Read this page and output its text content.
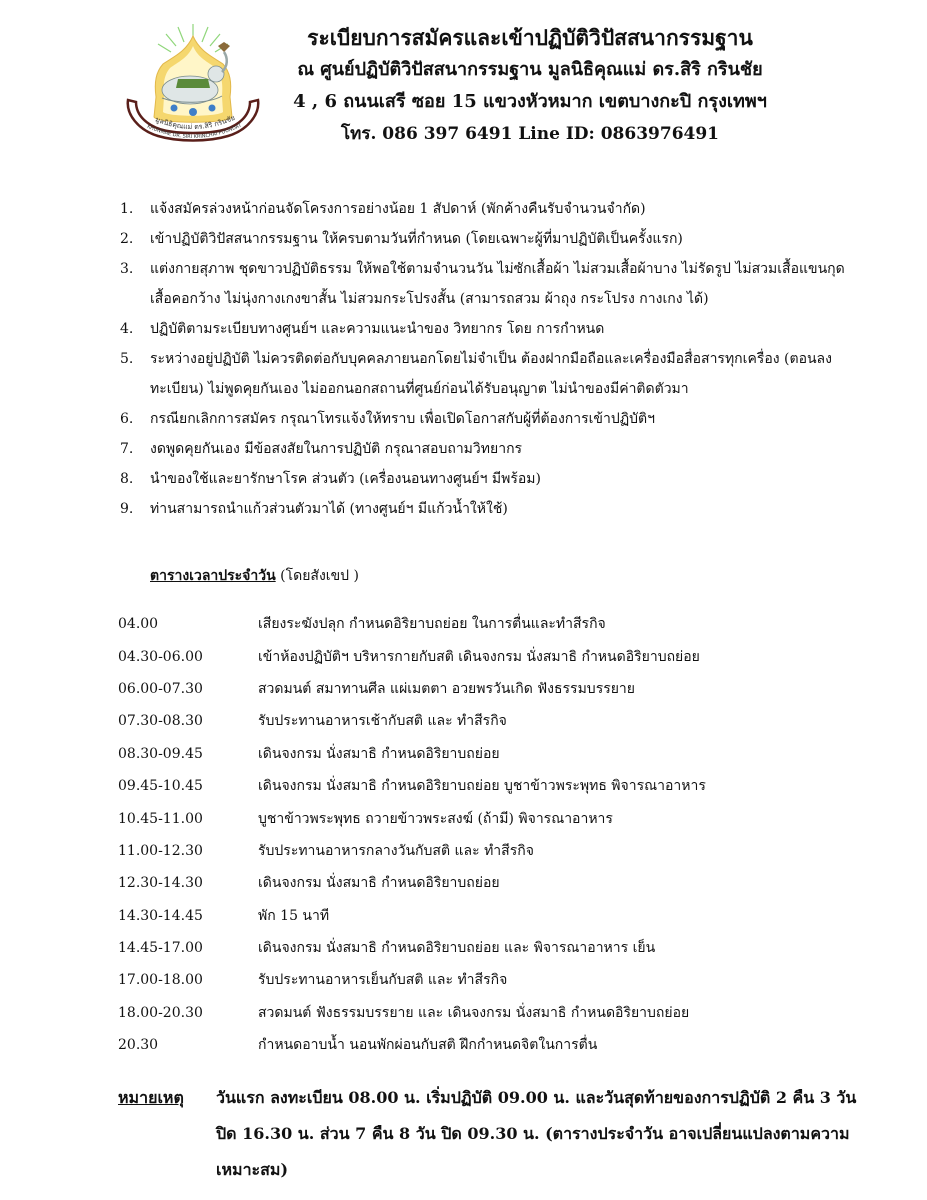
มูลนิธิคุณแม่ ดร.สิริ กรินชัย
KHUNMAE DR. SIRI KRINCHAI FOUNDAT
ระเบียบการสมัครและเข้าปฏิบัติวิปัสสนากรรมฐาน
ณ ศูนย์ปฏิบัติวิปัสสนากรรมฐาน มูลนิธิคุณแม่ ดร.สิริ กรินชัย
4 , 6 ถนนเสรี ซอย 15 แขวงหัวหมาก เขตบางกะปิ กรุงเทพฯ
โทร. 086 397 6491 Line ID: 0863976491
1.	แจ้งสมัครล่วงหน้าก่อนจัดโครงการอย่างน้อย 1 สัปดาห์ (พักค้างคืนรับจำนวนจำกัด)
2.	เข้าปฏิบัติวิปัสสนากรรมฐาน ให้ครบตามวันที่กำหนด (โดยเฉพาะผู้ที่มาปฏิบัติเป็นครั้งแรก)
3.	แต่งกายสุภาพ ชุดขาวปฏิบัติธรรม ให้พอใช้ตามจำนวนวัน ไม่ซักเสื้อผ้า ไม่สวมเสื้อผ้าบาง ไม่รัดรูป ไม่สวมเสื้อแขนกุด เสื้อคอกว้าง ไม่นุ่งกางเกงขาสั้น ไม่สวมกระโปรงสั้น (สามารถสวม ผ้าถุง กระโปรง กางเกง ได้)
4.	ปฏิบัติตามระเบียบทางศูนย์ฯ และความแนะนำของ วิทยากร โดย การกำหนด
5.	ระหว่างอยู่ปฏิบัติ ไม่ควรติดต่อกับบุคคลภายนอกโดยไม่จำเป็น ต้องฝากมือถือและเครื่องมือสื่อสารทุกเครื่อง (ตอนลงทะเบียน) ไม่พูดคุยกันเอง ไม่ออกนอกสถานที่ศูนย์ก่อนได้รับอนุญาต ไม่นำของมีค่าติดตัวมา
6.	กรณียกเลิกการสมัคร กรุณาโทรแจ้งให้ทราบ เพื่อเปิดโอกาสกับผู้ที่ต้องการเข้าปฏิบัติฯ
7.	งดพูดคุยกันเอง มีข้อสงสัยในการปฏิบัติ กรุณาสอบถามวิทยากร
8.	นำของใช้และยารักษาโรค ส่วนตัว (เครื่องนอนทางศูนย์ฯ มีพร้อม)
9.	ท่านสามารถนำแก้วส่วนตัวมาได้ (ทางศูนย์ฯ มีแก้วน้ำให้ใช้)
ตารางเวลาประจำวัน (โดยสังเขป )
04.00	เสียงระฆังปลุก กำหนดอิริยาบถย่อย ในการตื่นและทำสีรกิจ
04.30-06.00	เข้าห้องปฏิบัติฯ บริหารกายกับสติ เดินจงกรม นั่งสมาธิ กำหนดอิริยาบถย่อย
06.00-07.30	สวดมนต์ สมาทานศีล แผ่เมตตา อวยพรวันเกิด ฟังธรรมบรรยาย
07.30-08.30	รับประทานอาหารเช้ากับสติ และ ทำสีรกิจ
08.30-09.45	เดินจงกรม นั่งสมาธิ กำหนดอิริยาบถย่อย
09.45-10.45	เดินจงกรม นั่งสมาธิ กำหนดอิริยาบถย่อย บูชาข้าวพระพุทธ พิจารณาอาหาร
10.45-11.00	บูชาข้าวพระพุทธ ถวายข้าวพระสงฆ์ (ถ้ามี) พิจารณาอาหาร
11.00-12.30	รับประทานอาหารกลางวันกับสติ และ ทำสีรกิจ
12.30-14.30	เดินจงกรม นั่งสมาธิ กำหนดอิริยาบถย่อย
14.30-14.45	พัก 15 นาที
14.45-17.00	เดินจงกรม นั่งสมาธิ กำหนดอิริยาบถย่อย และ พิจารณาอาหาร เย็น
17.00-18.00	รับประทานอาหารเย็นกับสติ และ ทำสีรกิจ
18.00-20.30	สวดมนต์ ฟังธรรมบรรยาย และ เดินจงกรม นั่งสมาธิ กำหนดอิริยาบถย่อย
20.30	กำหนดอาบน้ำ นอนพักผ่อนกับสติ ฝึกกำหนดจิตในการตื่น
หมายเหตุ	วันแรก ลงทะเบียน 08.00 น. เริ่มปฏิบัติ 09.00 น. และวันสุดท้ายของการปฏิบัติ 2 คืน 3 วัน ปิด 16.30 น. ส่วน 7 คืน 8 วัน ปิด 09.30 น. (ตารางประจำวัน อาจเปลี่ยนแปลงตามความเหมาะสม)
